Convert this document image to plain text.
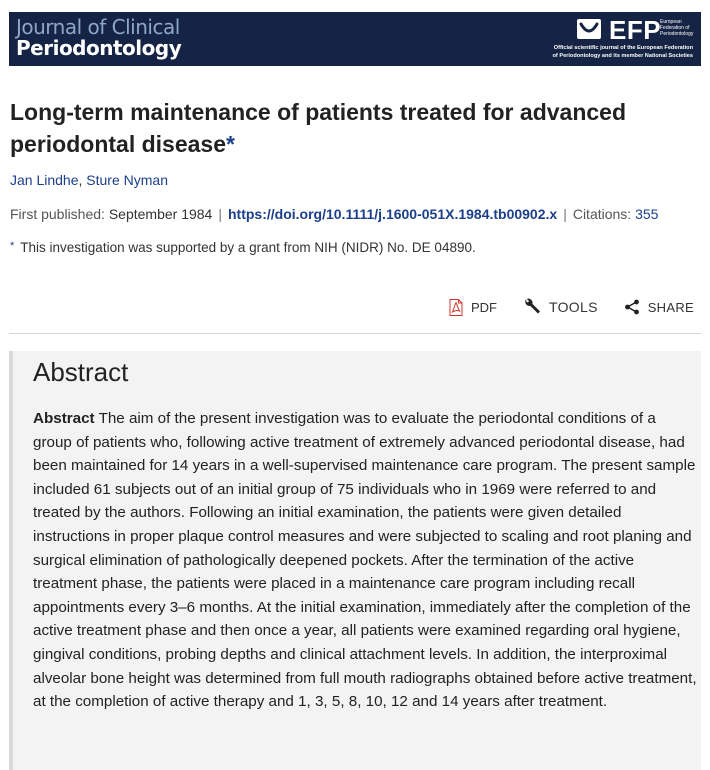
Journal of Clinical
Periodontology
EFP
European
Federation of
Periodontology
Official scientific journal of the European Federation
of Periodontology and its member National Societies
Long-term maintenance of patients treated for advanced periodontal disease*
Jan Lindhe, Sture Nyman
First published: September 1984 | https://doi.org/10.1111/j.1600-051X.1984.tb00902.x | Citations: 355
* This investigation was supported by a grant from NIH (NIDR) No. DE 04890.
PDF	TOOLS	SHARE
Abstract

Abstract The aim of the present investigation was to evaluate the periodontal conditions of a group of patients who, following active treatment of extremely advanced periodontal disease, had been maintained for 14 years in a well-supervised maintenance care program. The present sample included 61 subjects out of an initial group of 75 individuals who in 1969 were referred to and treated by the authors. Following an initial examination, the patients were given detailed instructions in proper plaque control measures and were subjected to scaling and root planing and surgical elimination of pathologically deepened pockets. After the termination of the active treatment phase, the patients were placed in a maintenance care program including recall appointments every 3–6 months. At the initial examination, immediately after the completion of the active treatment phase and then once a year, all patients were examined regarding oral hygiene, gingival conditions, probing depths and clinical attachment levels. In addition, the interproximal alveolar bone height was determined from full mouth radiographs obtained before active treatment, at the completion of active therapy and 1, 3, 5, 8, 10, 12 and 14 years after treatment.
